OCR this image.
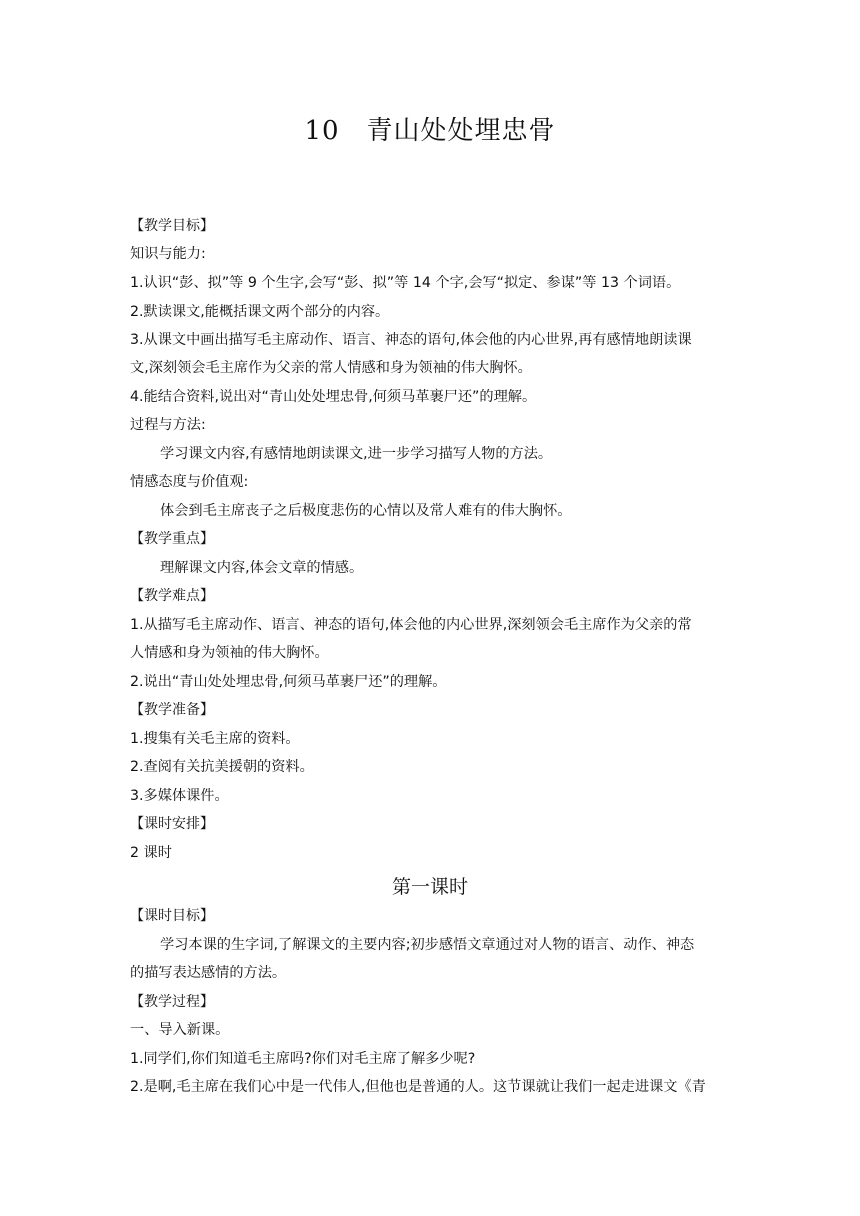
10　青山处处埋忠骨
【教学目标】
知识与能力:
1.认识“彭、拟”等 9 个生字,会写“彭、拟”等 14 个字,会写“拟定、参谋”等 13 个词语。
2.默读课文,能概括课文两个部分的内容。
3.从课文中画出描写毛主席动作、语言、神态的语句,体会他的内心世界,再有感情地朗读课
文,深刻领会毛主席作为父亲的常人情感和身为领袖的伟大胸怀。
4.能结合资料,说出对“青山处处埋忠骨,何须马革裹尸还”的理解。
过程与方法:
学习课文内容,有感情地朗读课文,进一步学习描写人物的方法。
情感态度与价值观:
体会到毛主席丧子之后极度悲伤的心情以及常人难有的伟大胸怀。
【教学重点】
理解课文内容,体会文章的情感。
【教学难点】
1.从描写毛主席动作、语言、神态的语句,体会他的内心世界,深刻领会毛主席作为父亲的常
人情感和身为领袖的伟大胸怀。
2.说出“青山处处埋忠骨,何须马革裹尸还”的理解。
【教学准备】
1.搜集有关毛主席的资料。
2.查阅有关抗美援朝的资料。
3.多媒体课件。
【课时安排】
2 课时
第一课时
【课时目标】
学习本课的生字词,了解课文的主要内容;初步感悟文章通过对人物的语言、动作、神态
的描写表达感情的方法。
【教学过程】
一、导入新课。
1.同学们,你们知道毛主席吗?你们对毛主席了解多少呢?
2.是啊,毛主席在我们心中是一代伟人,但他也是普通的人。这节课就让我们一起走进课文《青
